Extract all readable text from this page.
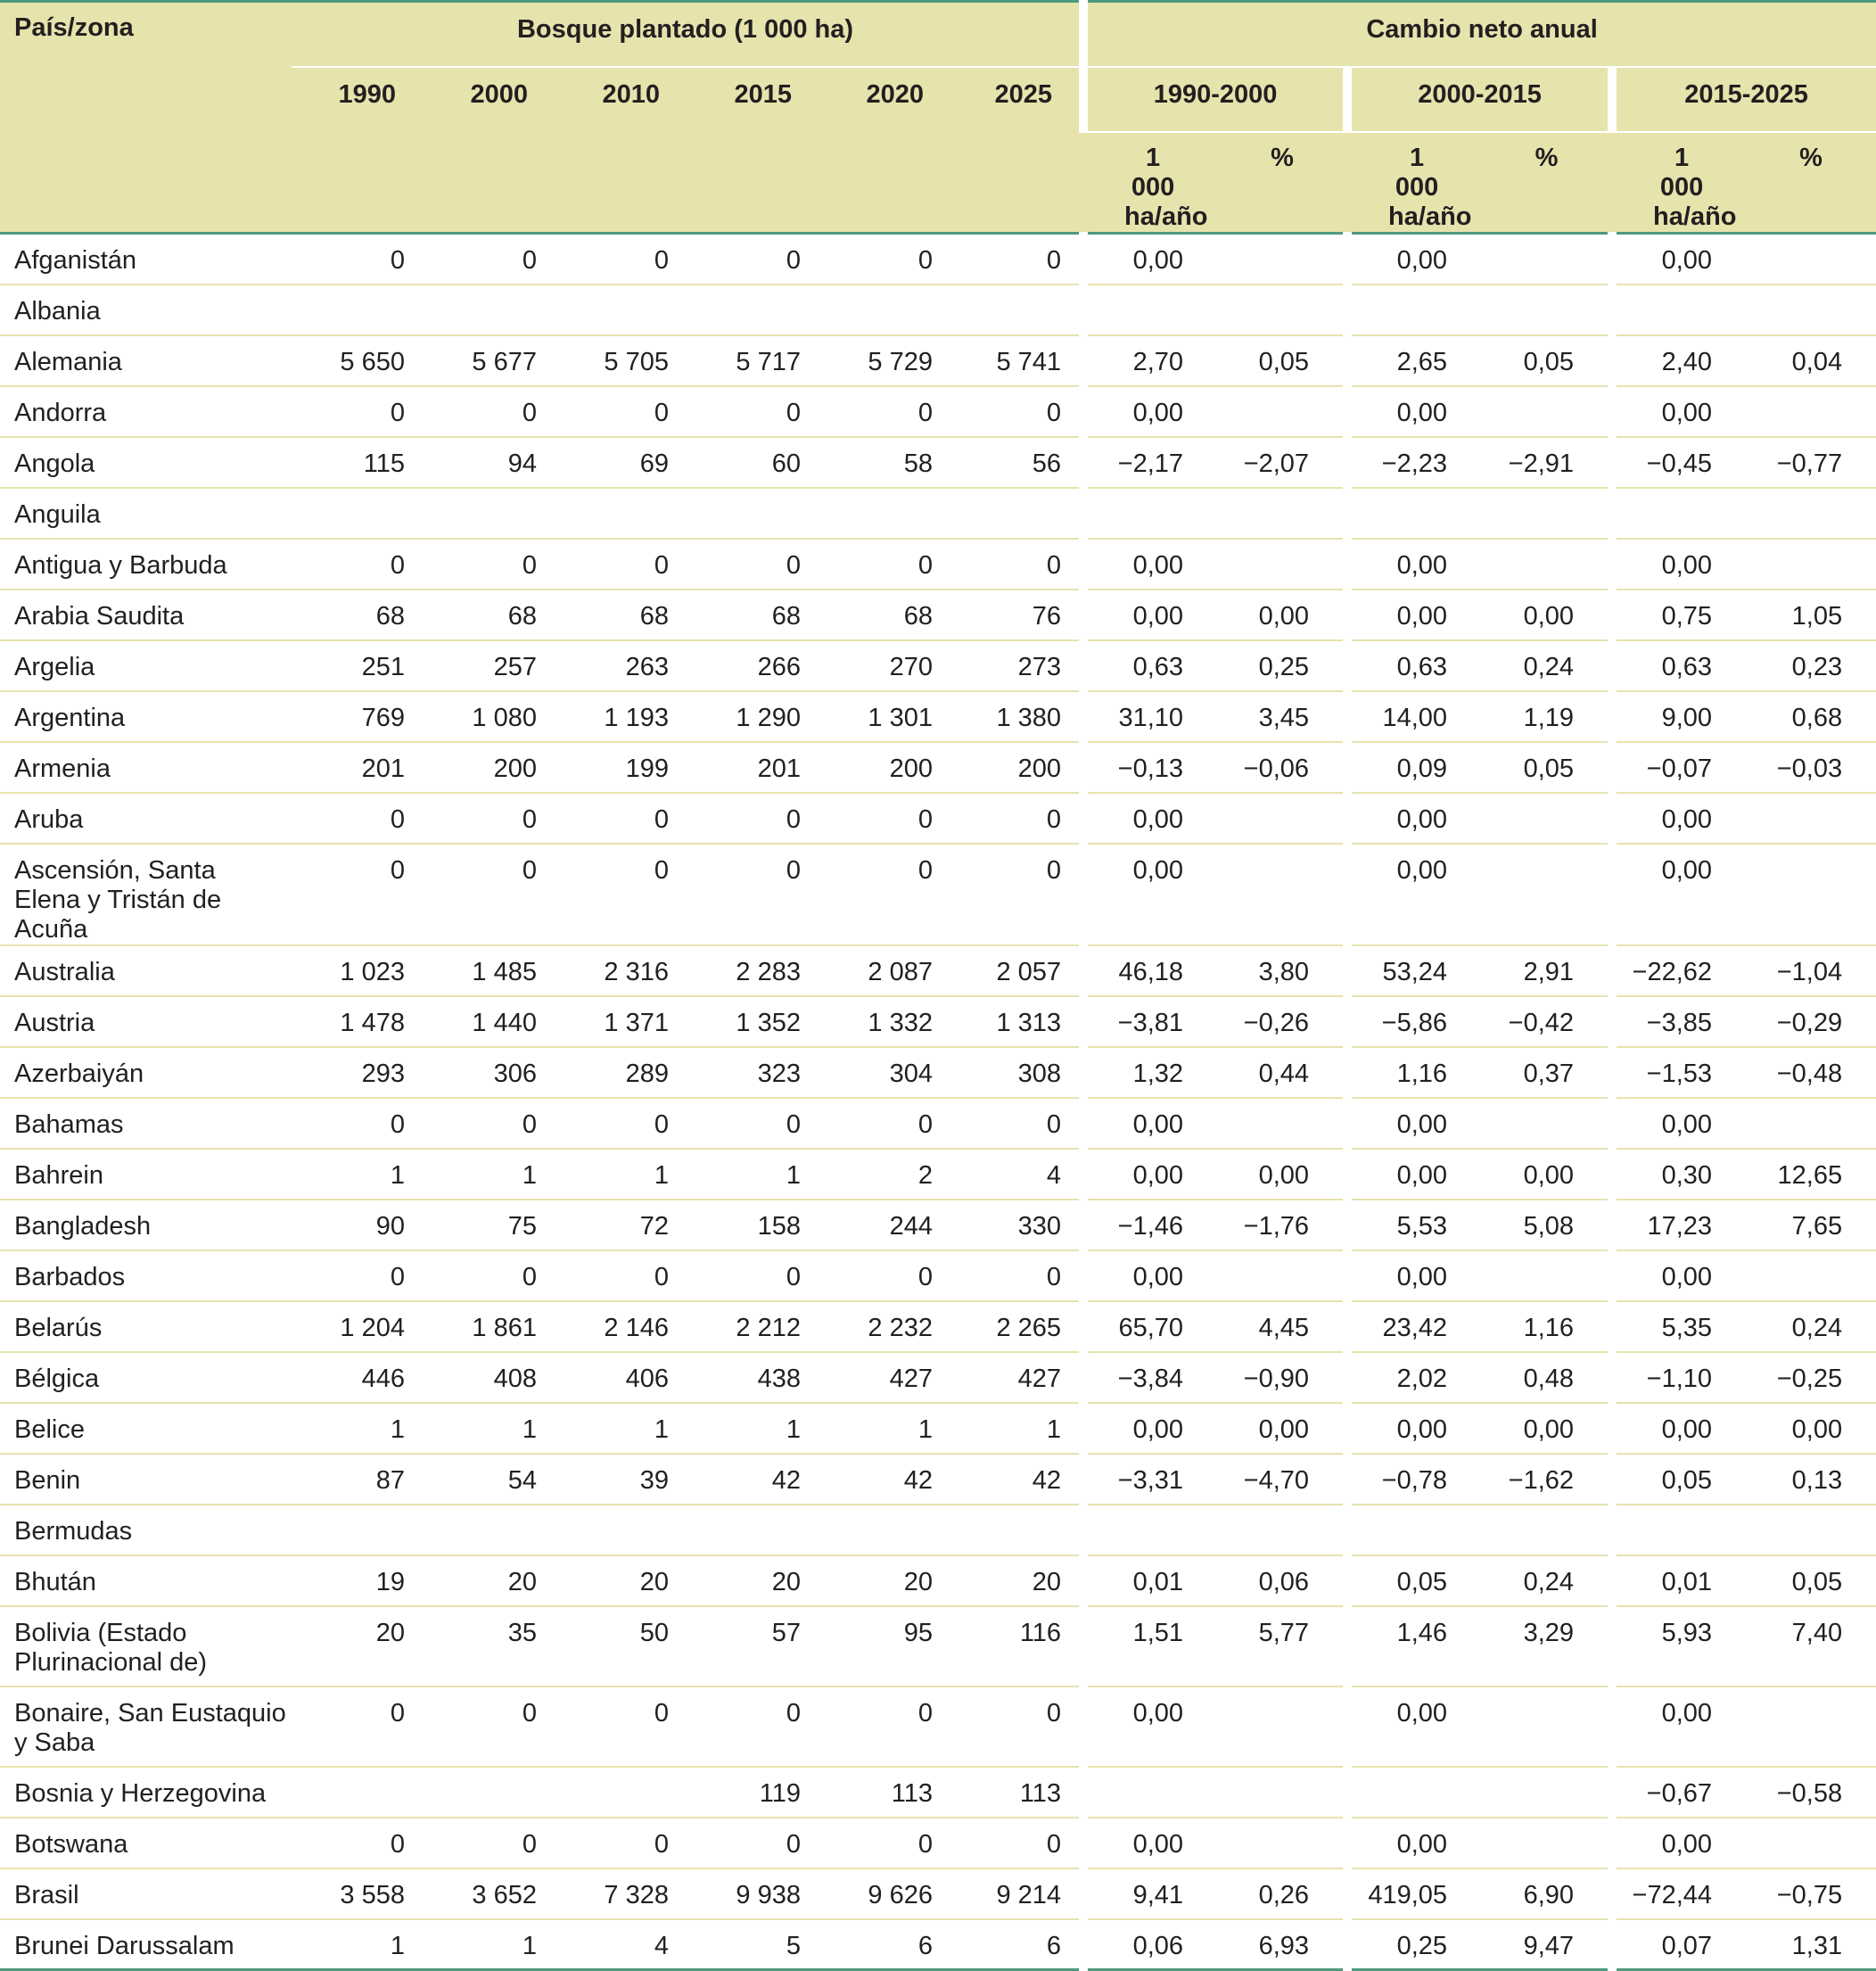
País/zona	Bosque plantado (1 000 ha)						Cambio neto anual					
	1990	2000	2010	2015	2020	2025	1990-2000		2000-2015		2015-2025	
							1 000 ha/año	%	1 000 ha/año	%	1 000 ha/año	%
Afganistán	0	0	0	0	0	0	0,00		0,00		0,00	
Albania												
Alemania	5 650	5 677	5 705	5 717	5 729	5 741	2,70	0,05	2,65	0,05	2,40	0,04
Andorra	0	0	0	0	0	0	0,00		0,00		0,00	
Angola	115	94	69	60	58	56	−2,17	−2,07	−2,23	−2,91	−0,45	−0,77
Anguila												
Antigua y Barbuda	0	0	0	0	0	0	0,00		0,00		0,00	
Arabia Saudita	68	68	68	68	68	76	0,00	0,00	0,00	0,00	0,75	1,05
Argelia	251	257	263	266	270	273	0,63	0,25	0,63	0,24	0,63	0,23
Argentina	769	1 080	1 193	1 290	1 301	1 380	31,10	3,45	14,00	1,19	9,00	0,68
Armenia	201	200	199	201	200	200	−0,13	−0,06	0,09	0,05	−0,07	−0,03
Aruba	0	0	0	0	0	0	0,00		0,00		0,00	
Ascensión, Santa Elena y Tristán de Acuña	0	0	0	0	0	0	0,00		0,00		0,00	
Australia	1 023	1 485	2 316	2 283	2 087	2 057	46,18	3,80	53,24	2,91	−22,62	−1,04
Austria	1 478	1 440	1 371	1 352	1 332	1 313	−3,81	−0,26	−5,86	−0,42	−3,85	−0,29
Azerbaiyán	293	306	289	323	304	308	1,32	0,44	1,16	0,37	−1,53	−0,48
Bahamas	0	0	0	0	0	0	0,00		0,00		0,00	
Bahrein	1	1	1	1	2	4	0,00	0,00	0,00	0,00	0,30	12,65
Bangladesh	90	75	72	158	244	330	−1,46	−1,76	5,53	5,08	17,23	7,65
Barbados	0	0	0	0	0	0	0,00		0,00		0,00	
Belarús	1 204	1 861	2 146	2 212	2 232	2 265	65,70	4,45	23,42	1,16	5,35	0,24
Bélgica	446	408	406	438	427	427	−3,84	−0,90	2,02	0,48	−1,10	−0,25
Belice	1	1	1	1	1	1	0,00	0,00	0,00	0,00	0,00	0,00
Benin	87	54	39	42	42	42	−3,31	−4,70	−0,78	−1,62	0,05	0,13
Bermudas												
Bhután	19	20	20	20	20	20	0,01	0,06	0,05	0,24	0,01	0,05
Bolivia (Estado Plurinacional de)	20	35	50	57	95	116	1,51	5,77	1,46	3,29	5,93	7,40
Bonaire, San Eustaquio y Saba	0	0	0	0	0	0	0,00		0,00		0,00	
Bosnia y Herzegovina				119	113	113					−0,67	−0,58
Botswana	0	0	0	0	0	0	0,00		0,00		0,00	
Brasil	3 558	3 652	7 328	9 938	9 626	9 214	9,41	0,26	419,05	6,90	−72,44	−0,75
Brunei Darussalam	1	1	4	5	6	6	0,06	6,93	0,25	9,47	0,07	1,31
